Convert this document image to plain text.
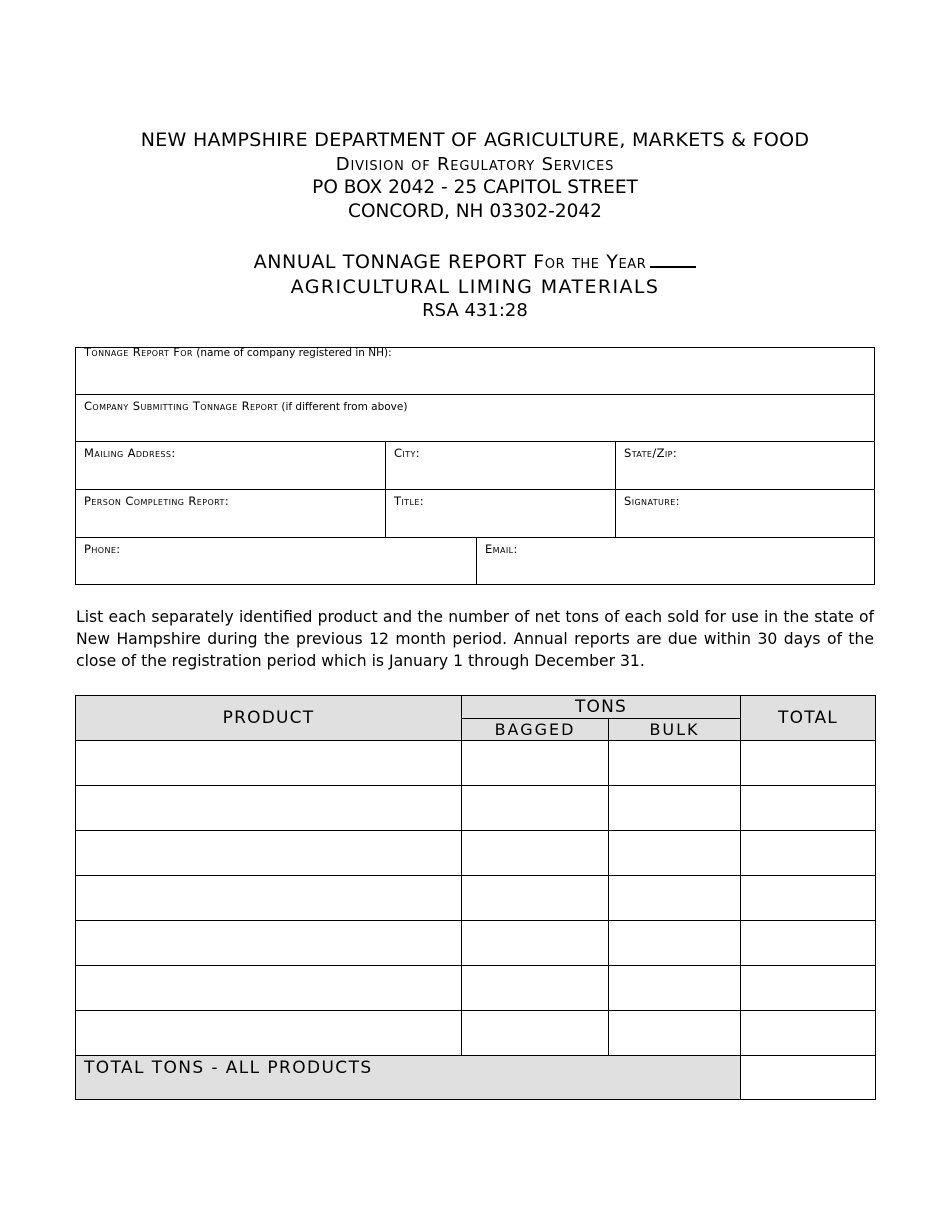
NEW HAMPSHIRE DEPARTMENT OF AGRICULTURE, MARKETS & FOOD
Division of Regulatory Services
PO BOX 2042 - 25 CAPITOL STREET
CONCORD, NH 03302-2042
ANNUAL TONNAGE REPORT For the Year
AGRICULTURAL LIMING MATERIALS
RSA 431:28
Tonnage Report For (name of company registered in NH):
Company Submitting Tonnage Report (if different from above)
Mailing Address:	City:	State/Zip:
Person Completing Report:	Title:	Signature:
Phone:	Email:
List each separately identified product and the number of net tons of each sold for use in the state of New Hampshire during the previous 12 month period. Annual reports are due within 30 days of the close of the registration period which is January 1 through December 31.
PRODUCT	TONS		TOTAL
	BAGGED	BULK	

TOTAL TONS - ALL PRODUCTS			
